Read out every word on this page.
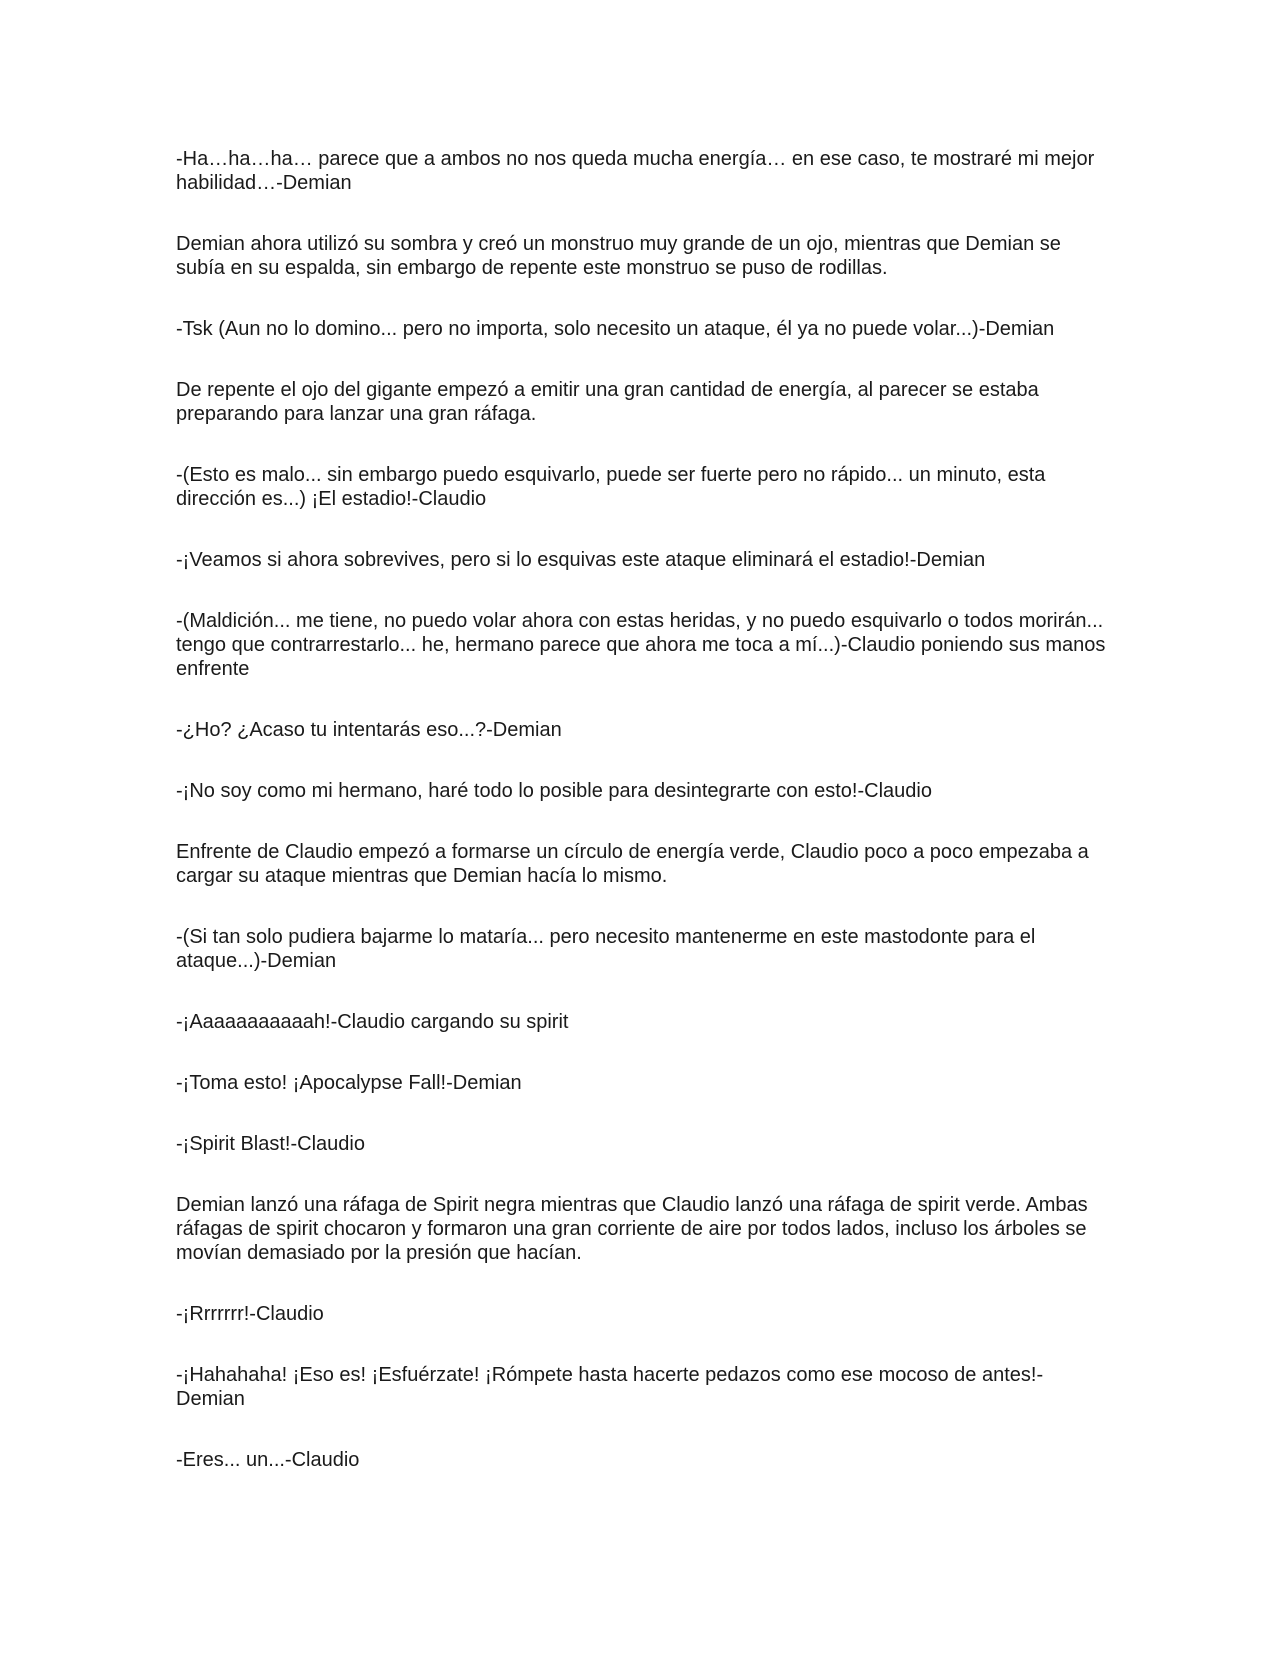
-Ha…ha…ha… parece que a ambos no nos queda mucha energía… en ese caso, te mostraré mi mejor habilidad…-Demian

Demian ahora utilizó su sombra y creó un monstruo muy grande de un ojo, mientras que Demian se subía en su espalda, sin embargo de repente este monstruo se puso de rodillas.

-Tsk (Aun no lo domino... pero no importa, solo necesito un ataque, él ya no puede volar...)-Demian

De repente el ojo del gigante empezó a emitir una gran cantidad de energía, al parecer se estaba preparando para lanzar una gran ráfaga.

-(Esto es malo... sin embargo puedo esquivarlo, puede ser fuerte pero no rápido... un minuto, esta dirección es...) ¡El estadio!-Claudio

-¡Veamos si ahora sobrevives, pero si lo esquivas este ataque eliminará el estadio!-Demian

-(Maldición... me tiene, no puedo volar ahora con estas heridas, y no puedo esquivarlo o todos morirán... tengo que contrarrestarlo... he, hermano parece que ahora me toca a mí...)-Claudio poniendo sus manos enfrente

-¿Ho? ¿Acaso tu intentarás eso...?-Demian

-¡No soy como mi hermano, haré todo lo posible para desintegrarte con esto!-Claudio

Enfrente de Claudio empezó a formarse un círculo de energía verde, Claudio poco a poco empezaba a cargar su ataque mientras que Demian hacía lo mismo.

-(Si tan solo pudiera bajarme lo mataría... pero necesito mantenerme en este mastodonte para el ataque...)-Demian

-¡Aaaaaaaaaaah!-Claudio cargando su spirit

-¡Toma esto! ¡Apocalypse Fall!-Demian

-¡Spirit Blast!-Claudio

Demian lanzó una ráfaga de Spirit negra mientras que Claudio lanzó una ráfaga de spirit verde. Ambas ráfagas de spirit chocaron y formaron una gran corriente de aire por todos lados, incluso los árboles se movían demasiado por la presión que hacían.

-¡Rrrrrrr!-Claudio

-¡Hahahaha! ¡Eso es! ¡Esfuérzate! ¡Rómpete hasta hacerte pedazos como ese mocoso de antes!-Demian

-Eres... un...-Claudio
